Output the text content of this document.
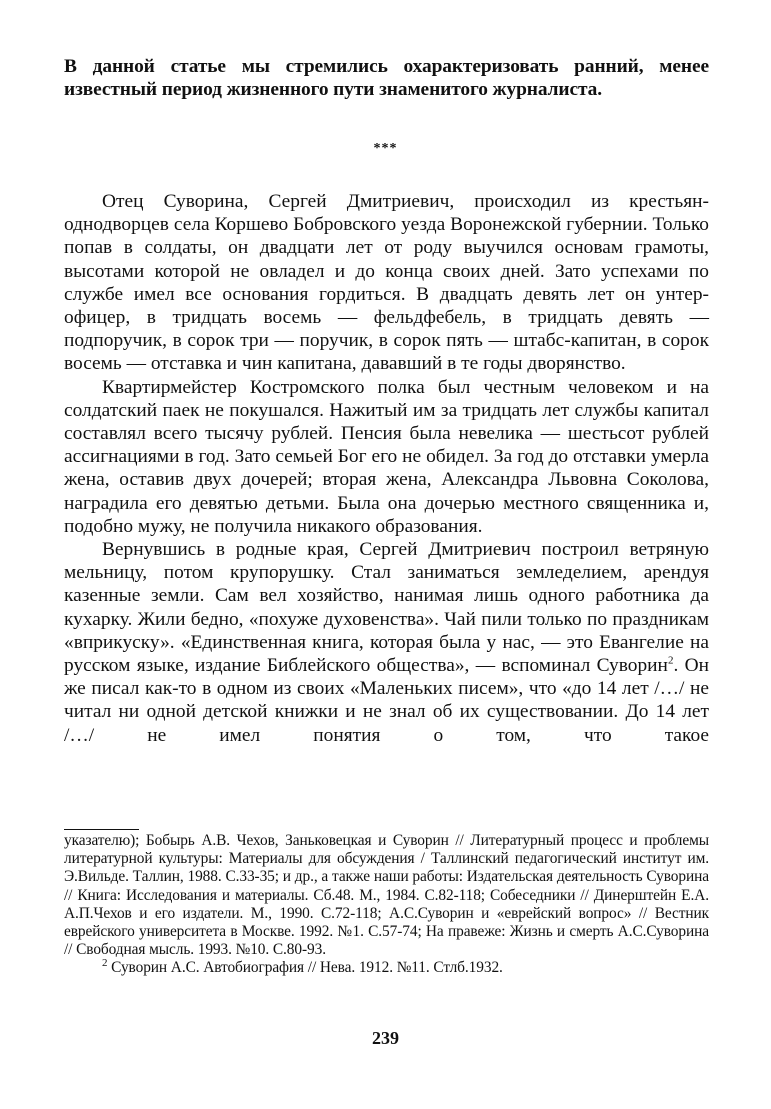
В данной статье мы стремились охарактеризовать ранний, менее известный период жизненного пути знаменитого журналиста.
***

Отец Суворина, Сергей Дмитриевич, происходил из крестьян-однодворцев села Коршево Бобровского уезда Воронежской губернии. Только попав в солдаты, он двадцати лет от роду выучился основам грамоты, высотами которой не овладел и до конца своих дней. Зато успехами по службе имел все основания гордиться. В двадцать девять лет он унтер-офицер, в тридцать восемь — фельдфебель, в тридцать девять — подпоручик, в сорок три — поручик, в сорок пять — штабс-капитан, в сорок восемь — отставка и чин капитана, дававший в те годы дворянство.

Квартирмейстер Костромского полка был честным человеком и на солдатский паек не покушался. Нажитый им за тридцать лет службы капитал составлял всего тысячу рублей. Пенсия была невелика — шестьсот рублей ассигнациями в год. Зато семьей Бог его не обидел. За год до отставки умерла жена, оставив двух дочерей; вторая жена, Александра Львовна Соколова, наградила его девятью детьми. Была она дочерью местного священника и, подобно мужу, не получила никакого образования.

Вернувшись в родные края, Сергей Дмитриевич построил ветряную мельницу, потом крупорушку. Стал заниматься земледелием, арендуя казенные земли. Сам вел хозяйство, нанимая лишь одного работника да кухарку. Жили бедно, «похуже духовенства». Чай пили только по праздникам «вприкуску». «Единственная книга, которая была у нас, — это Евангелие на русском языке, издание Библейского общества», — вспоминал Суворин$^2$. Он же писал как-то в одном из своих «Маленьких писем», что «до 14 лет /…/ не читал ни одной детской книжки и не знал об их существовании. До 14 лет /…/ не имел понятия о том, что такое

указателю); Бобырь А.В. Чехов, Заньковецкая и Суворин // Литературный процесс и проблемы литературной культуры: Материалы для обсуждения / Таллинский педагогический институт им. Э.Вильде. Таллин, 1988. С.33-35; и др., а также наши работы: Издательская деятельность Суворина // Книга: Исследования и материалы. Сб.48. М., 1984. С.82-118; Собеседники // Динерштейн Е.А. А.П.Чехов и его издатели. М., 1990. С.72-118; А.С.Суворин и «еврейский вопрос» // Вестник еврейского университета в Москве. 1992. №1. С.57-74; На правеже: Жизнь и смерть А.С.Суворина // Свободная мысль. 1993. №10. С.80-93.

$^2$ Суворин А.С. Автобиография // Нева. 1912. №11. Стлб.1932.

239
